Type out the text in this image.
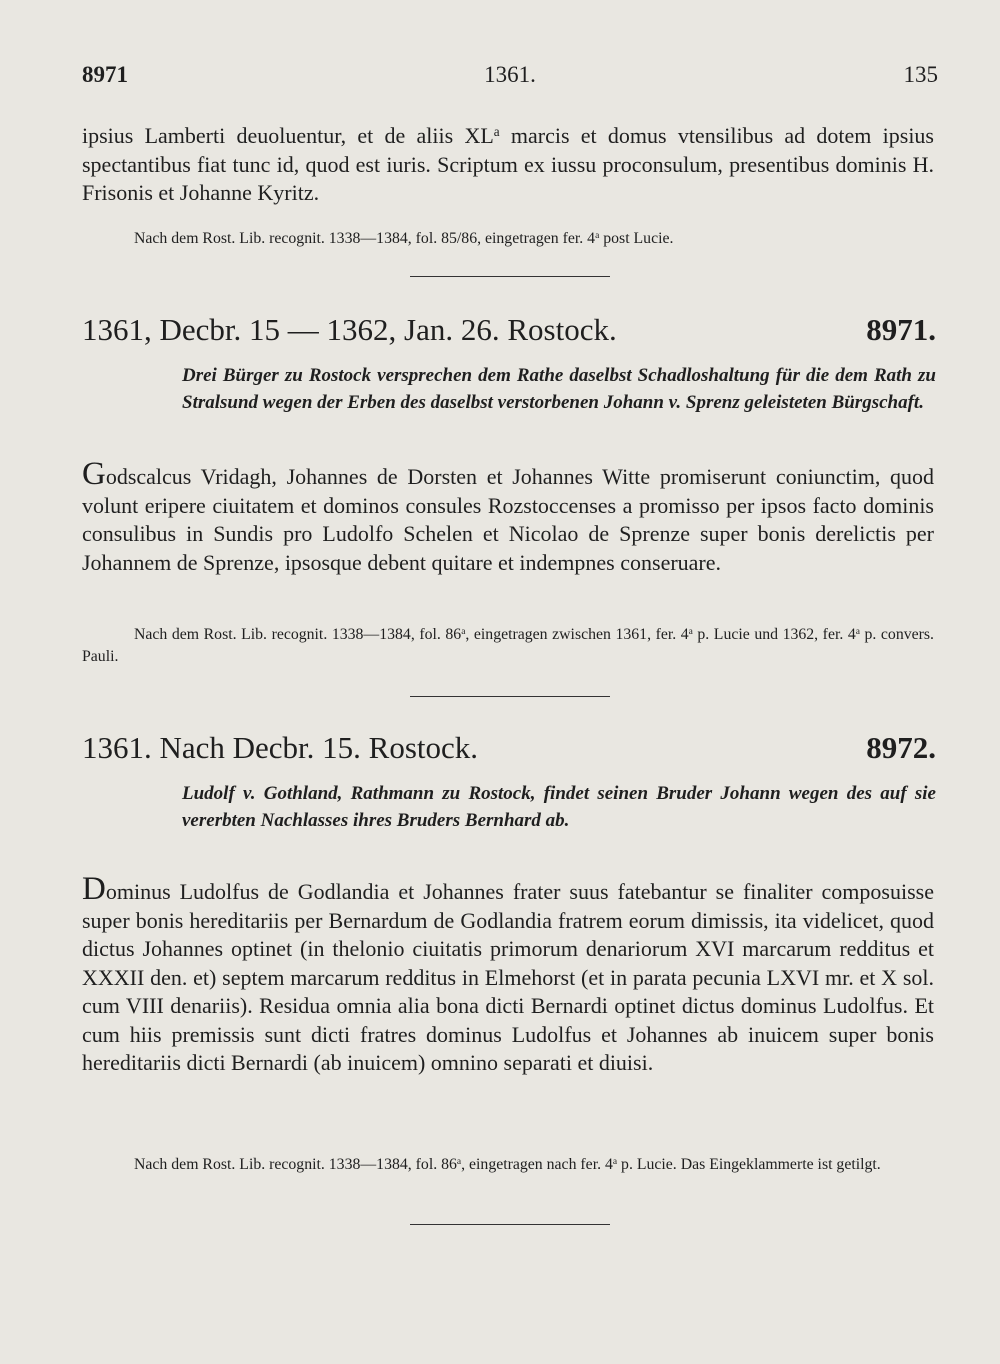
8971	1361.	135

ipsius Lamberti deuoluentur, et de aliis $XL^a$ marcis et domus vtensilibus ad dotem ipsius spectantibus fiat tunc id, quod est iuris. Scriptum ex iussu proconsulum, presentibus dominis H. Frisonis et Johanne Kyritz.

Nach dem Rost. Lib. recognit. 1338—1384, fol. 85/86, eingetragen fer. 4$^a$ post Lucie.

1361, Decbr. 15 — 1362, Jan. 26. Rostock.	8971.

Drei Bürger zu Rostock versprechen dem Rathe daselbst Schadloshaltung für die dem Rath zu Stralsund wegen der Erben des daselbst verstorbenen Johann v. Sprenz geleisteten Bürgschaft.

Godscalcus Vridagh, Johannes de Dorsten et Johannes Witte promiserunt coniunctim, quod volunt eripere ciuitatem et dominos consules Rozstoccenses a promisso per ipsos facto dominis consulibus in Sundis pro Ludolfo Schelen et Nicolao de Sprenze super bonis derelictis per Johannem de Sprenze, ipsosque debent quitare et indempnes conseruare.

Nach dem Rost. Lib. recognit. 1338—1384, fol. 86$^a$, eingetragen zwischen 1361, fer. 4$^a$ p. Lucie und 1362, fer. 4$^a$ p. convers. Pauli.

1361. Nach Decbr. 15. Rostock.	8972.

Ludolf v. Gothland, Rathmann zu Rostock, findet seinen Bruder Johann wegen des auf sie vererbten Nachlasses ihres Bruders Bernhard ab.

Dominus Ludolfus de Godlandia et Johannes frater suus fatebantur se finaliter composuisse super bonis hereditariis per Bernardum de Godlandia fratrem eorum dimissis, ita videlicet, quod dictus Johannes optinet (in thelonio ciuitatis primorum denariorum XVI marcarum redditus et XXXII den. et) septem marcarum redditus in Elmehorst (et in parata pecunia LXVI mr. et X sol. cum VIII denariis). Residua omnia alia bona dicti Bernardi optinet dictus dominus Ludolfus. Et cum hiis premissis sunt dicti fratres dominus Ludolfus et Johannes ab inuicem super bonis hereditariis dicti Bernardi (ab inuicem) omnino separati et diuisi.

Nach dem Rost. Lib. recognit. 1338—1384, fol. 86$^a$, eingetragen nach fer. 4$^a$ p. Lucie. Das Eingeklammerte ist getilgt.
